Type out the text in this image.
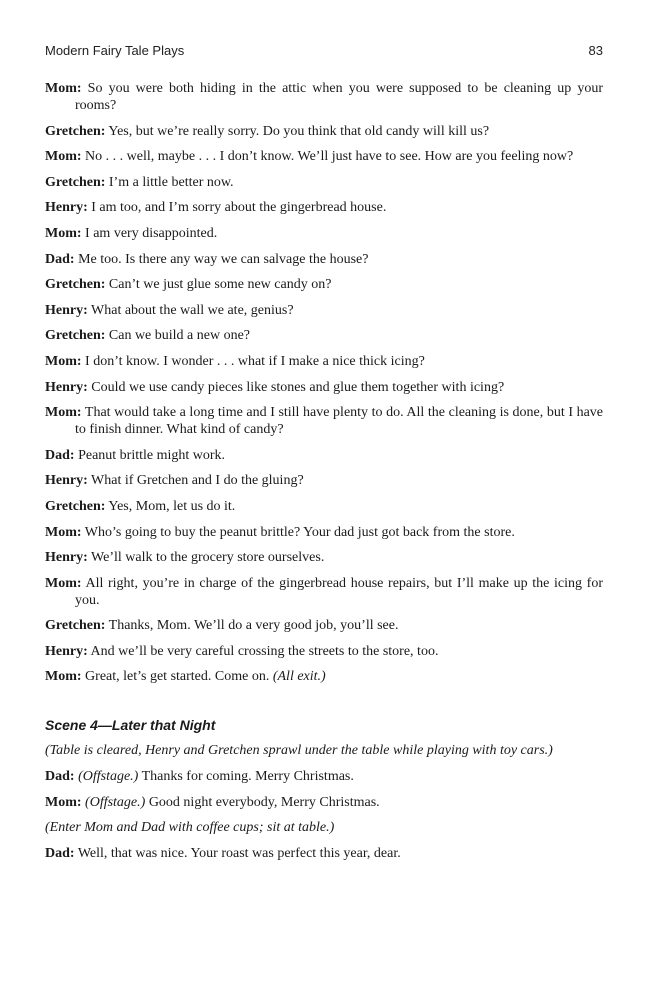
Modern Fairy Tale Plays	83

Mom: So you were both hiding in the attic when you were supposed to be cleaning up your rooms?

Gretchen: Yes, but we’re really sorry. Do you think that old candy will kill us?

Mom: No . . . well, maybe . . . I don’t know. We’ll just have to see. How are you feeling now?

Gretchen: I’m a little better now.

Henry: I am too, and I’m sorry about the gingerbread house.

Mom: I am very disappointed.

Dad: Me too. Is there any way we can salvage the house?

Gretchen: Can’t we just glue some new candy on?

Henry: What about the wall we ate, genius?

Gretchen: Can we build a new one?

Mom: I don’t know. I wonder . . . what if I make a nice thick icing?

Henry: Could we use candy pieces like stones and glue them together with icing?

Mom: That would take a long time and I still have plenty to do. All the cleaning is done, but I have to finish dinner. What kind of candy?

Dad: Peanut brittle might work.

Henry: What if Gretchen and I do the gluing?

Gretchen: Yes, Mom, let us do it.

Mom: Who’s going to buy the peanut brittle? Your dad just got back from the store.

Henry: We’ll walk to the grocery store ourselves.

Mom: All right, you’re in charge of the gingerbread house repairs, but I’ll make up the icing for you.

Gretchen: Thanks, Mom. We’ll do a very good job, you’ll see.

Henry: And we’ll be very careful crossing the streets to the store, too.

Mom: Great, let’s get started. Come on. (All exit.)

Scene 4—Later that Night

(Table is cleared, Henry and Gretchen sprawl under the table while playing with toy cars.)

Dad: (Offstage.) Thanks for coming. Merry Christmas.

Mom: (Offstage.) Good night everybody, Merry Christmas.

(Enter Mom and Dad with coffee cups; sit at table.)

Dad: Well, that was nice. Your roast was perfect this year, dear.
